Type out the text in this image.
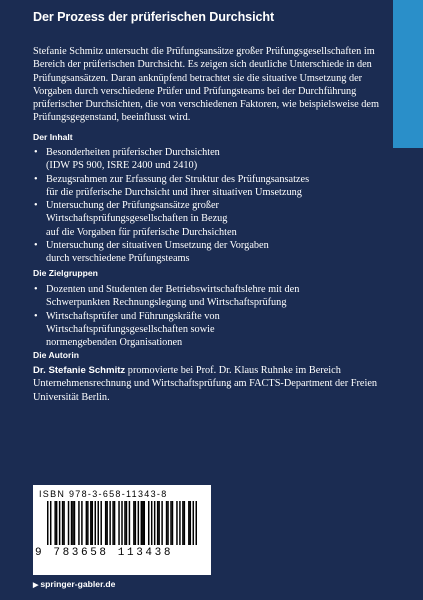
Der Prozess der prüferischen Durchsicht

Stefanie Schmitz untersucht die Prüfungsansätze großer Prüfungsgesellschaften im Bereich der prüferischen Durchsicht. Es zeigen sich deutliche Unterschiede in den Prüfungsansätzen. Daran anknüpfend betrachtet sie die situative Umsetzung der Vorgaben durch verschiedene Prüfer und Prüfungsteams bei der Durchführung prüferischer Durchsichten, die von verschiedenen Faktoren, wie beispielsweise dem Prüfungsgegenstand, beeinflusst wird.

Der Inhalt
• Besonderheiten prüferischer Durchsichten
(IDW PS 900, ISRE 2400 und 2410)
• Bezugsrahmen zur Erfassung der Struktur des Prüfungsansatzes
für die prüferische Durchsicht und ihrer situativen Umsetzung
• Untersuchung der Prüfungsansätze großer
Wirtschaftsprüfungsgesellschaften in Bezug
auf die Vorgaben für prüferische Durchsichten
• Untersuchung der situativen Umsetzung der Vorgaben
durch verschiedene Prüfungsteams
Die Zielgruppen
• Dozenten und Studenten der Betriebswirtschaftslehre mit den
Schwerpunkten Rechnungslegung und Wirtschaftsprüfung
• Wirtschaftsprüfer und Führungskräfte von
Wirtschaftsprüfungsgesellschaften sowie
normengebenden Organisationen
Die Autorin

Dr. Stefanie Schmitz promovierte bei Prof. Dr. Klaus Ruhnke im Bereich Unternehmensrechnung und Wirtschaftsprüfung am FACTS-Department der Freien Universität Berlin.

ISBN 978-3-658-11343-8
9 783658 113438

▶ springer-gabler.de
